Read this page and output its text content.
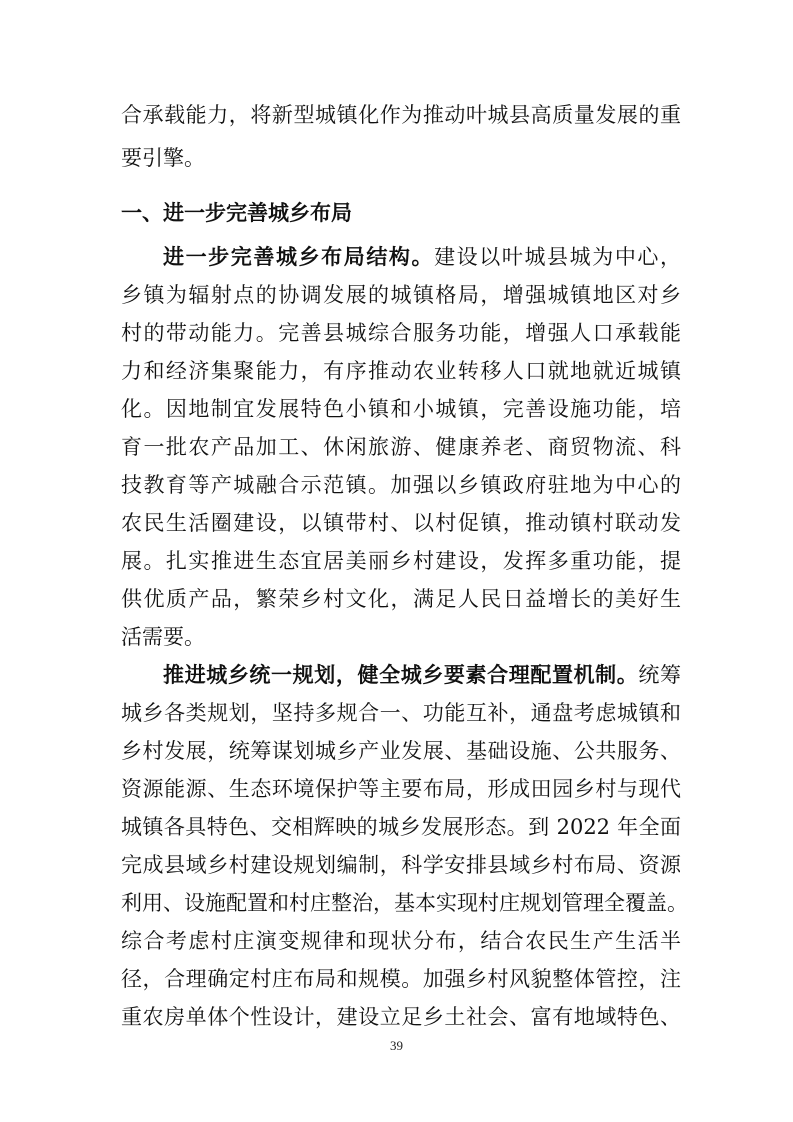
合承载能力，将新型城镇化作为推动叶城县高质量发展的重
要引擎。
一、进一步完善城乡布局
进一步完善城乡布局结构。建设以叶城县城为中心，
乡镇为辐射点的协调发展的城镇格局，增强城镇地区对乡
村的带动能力。完善县城综合服务功能，增强人口承载能
力和经济集聚能力，有序推动农业转移人口就地就近城镇
化。因地制宜发展特色小镇和小城镇，完善设施功能，培
育一批农产品加工、休闲旅游、健康养老、商贸物流、科
技教育等产城融合示范镇。加强以乡镇政府驻地为中心的
农民生活圈建设，以镇带村、以村促镇，推动镇村联动发
展。扎实推进生态宜居美丽乡村建设，发挥多重功能，提
供优质产品，繁荣乡村文化，满足人民日益增长的美好生
活需要。
推进城乡统一规划，健全城乡要素合理配置机制。统筹
城乡各类规划，坚持多规合一、功能互补，通盘考虑城镇和
乡村发展，统筹谋划城乡产业发展、基础设施、公共服务、
资源能源、生态环境保护等主要布局，形成田园乡村与现代
城镇各具特色、交相辉映的城乡发展形态。到 2022 年全面
完成县域乡村建设规划编制，科学安排县域乡村布局、资源
利用、设施配置和村庄整治，基本实现村庄规划管理全覆盖。
综合考虑村庄演变规律和现状分布，结合农民生产生活半
径，合理确定村庄布局和规模。加强乡村风貌整体管控，注
重农房单体个性设计，建设立足乡土社会、富有地域特色、
39
